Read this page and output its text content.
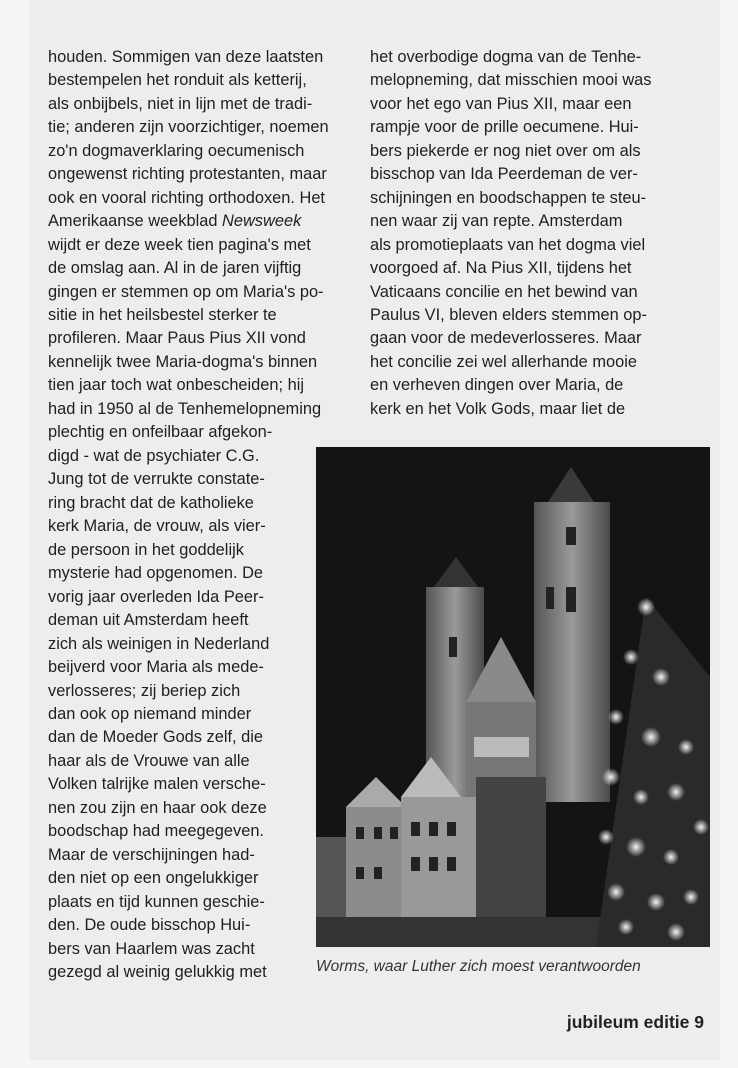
houden. Sommigen van deze laatsten
bestempelen het ronduit als ketterij,
als onbijbels, niet in lijn met de tradi-
tie; anderen zijn voorzichtiger, noemen
zo'n dogmaverklaring oecumenisch
ongewenst richting protestanten, maar
ook en vooral richting orthodoxen. Het
Amerikaanse weekblad Newsweek
wijdt er deze week tien pagina's met
de omslag aan. Al in de jaren vijftig
gingen er stemmen op om Maria's po-
sitie in het heilsbestel sterker te
profileren. Maar Paus Pius XII vond
kennelijk twee Maria-dogma's binnen
tien jaar toch wat onbescheiden; hij
had in 1950 al de Tenhemelopneming
plechtig en onfeilbaar afgekon-
het overbodige dogma van de Tenhe-
melopneming, dat misschien mooi was
voor het ego van Pius XII, maar een
rampje voor de prille oecumene. Hui-
bers piekerde er nog niet over om als
bisschop van Ida Peerdeman de ver-
schijningen en boodschappen te steu-
nen waar zij van repte. Amsterdam
als promotieplaats van het dogma viel
voorgoed af. Na Pius XII, tijdens het
Vaticaans concilie en het bewind van
Paulus VI, bleven elders stemmen op-
gaan voor de medeverlosseres. Maar
het concilie zei wel allerhande mooie
en verheven dingen over Maria, de
kerk en het Volk Gods, maar liet de
digd - wat de psychiater C.G.
Jung tot de verrukte constate-
ring bracht dat de katholieke
kerk Maria, de vrouw, als vier-
de persoon in het goddelijk
mysterie had opgenomen. De
vorig jaar overleden Ida Peer-
deman uit Amsterdam heeft
zich als weinigen in Nederland
beijverd voor Maria als mede-
verlosseres; zij beriep zich
dan ook op niemand minder
dan de Moeder Gods zelf, die
haar als de Vrouwe van alle
Volken talrijke malen versche-
nen zou zijn en haar ook deze
boodschap had meegegeven.
Maar de verschijningen had-
den niet op een ongelukkiger
plaats en tijd kunnen geschie-
den. De oude bisschop Hui-
bers van Haarlem was zacht
gezegd al weinig gelukkig met	Worms, waar Luther zich moest verantwoorden
jubileum editie 9
